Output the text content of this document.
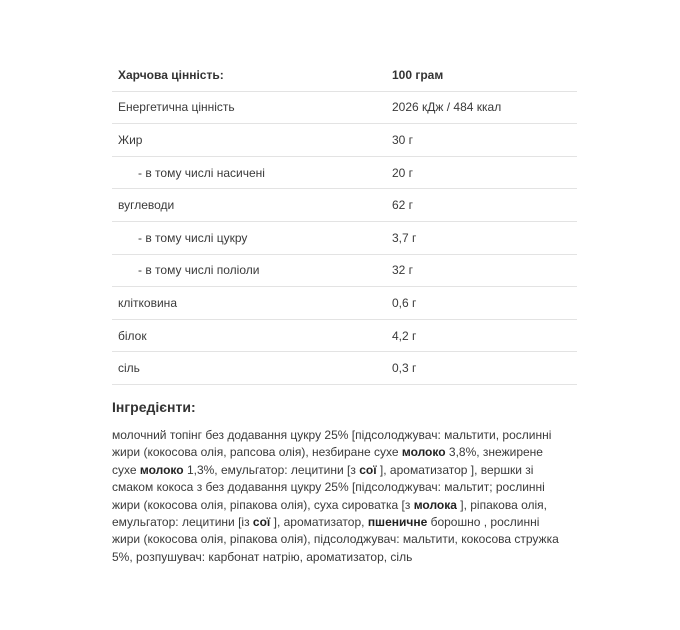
Харчова цінність:	100 грам
Енергетична цінність	2026 кДж / 484 ккал
Жир	30 г
- в тому числі насичені	20 г
вуглеводи	62 г
- в тому числі цукру	3,7 г
- в тому числі поліоли	32 г
клітковина	0,6 г
білок	4,2 г
сіль	0,3 г
Інгредієнти:

молочний топінг без додавання цукру 25% [підсолоджувач: мальтити, рослинні жири (кокосова олія, рапсова олія), незбиране сухе молоко 3,8%, знежирене сухе молоко 1,3%, емульгатор: лецитини [з сої ], ароматизатор ], вершки зі смаком кокоса з без додавання цукру 25% [підсолоджувач: мальтит; рослинні жири (кокосова олія, ріпакова олія), суха сироватка [з молока ], ріпакова олія, емульгатор: лецитини [із сої ], ароматизатор, пшеничне борошно , рослинні жири (кокосова олія, ріпакова олія), підсолоджувач: мальтити, кокосова стружка 5%, розпушувач: карбонат натрію, ароматизатор, сіль
